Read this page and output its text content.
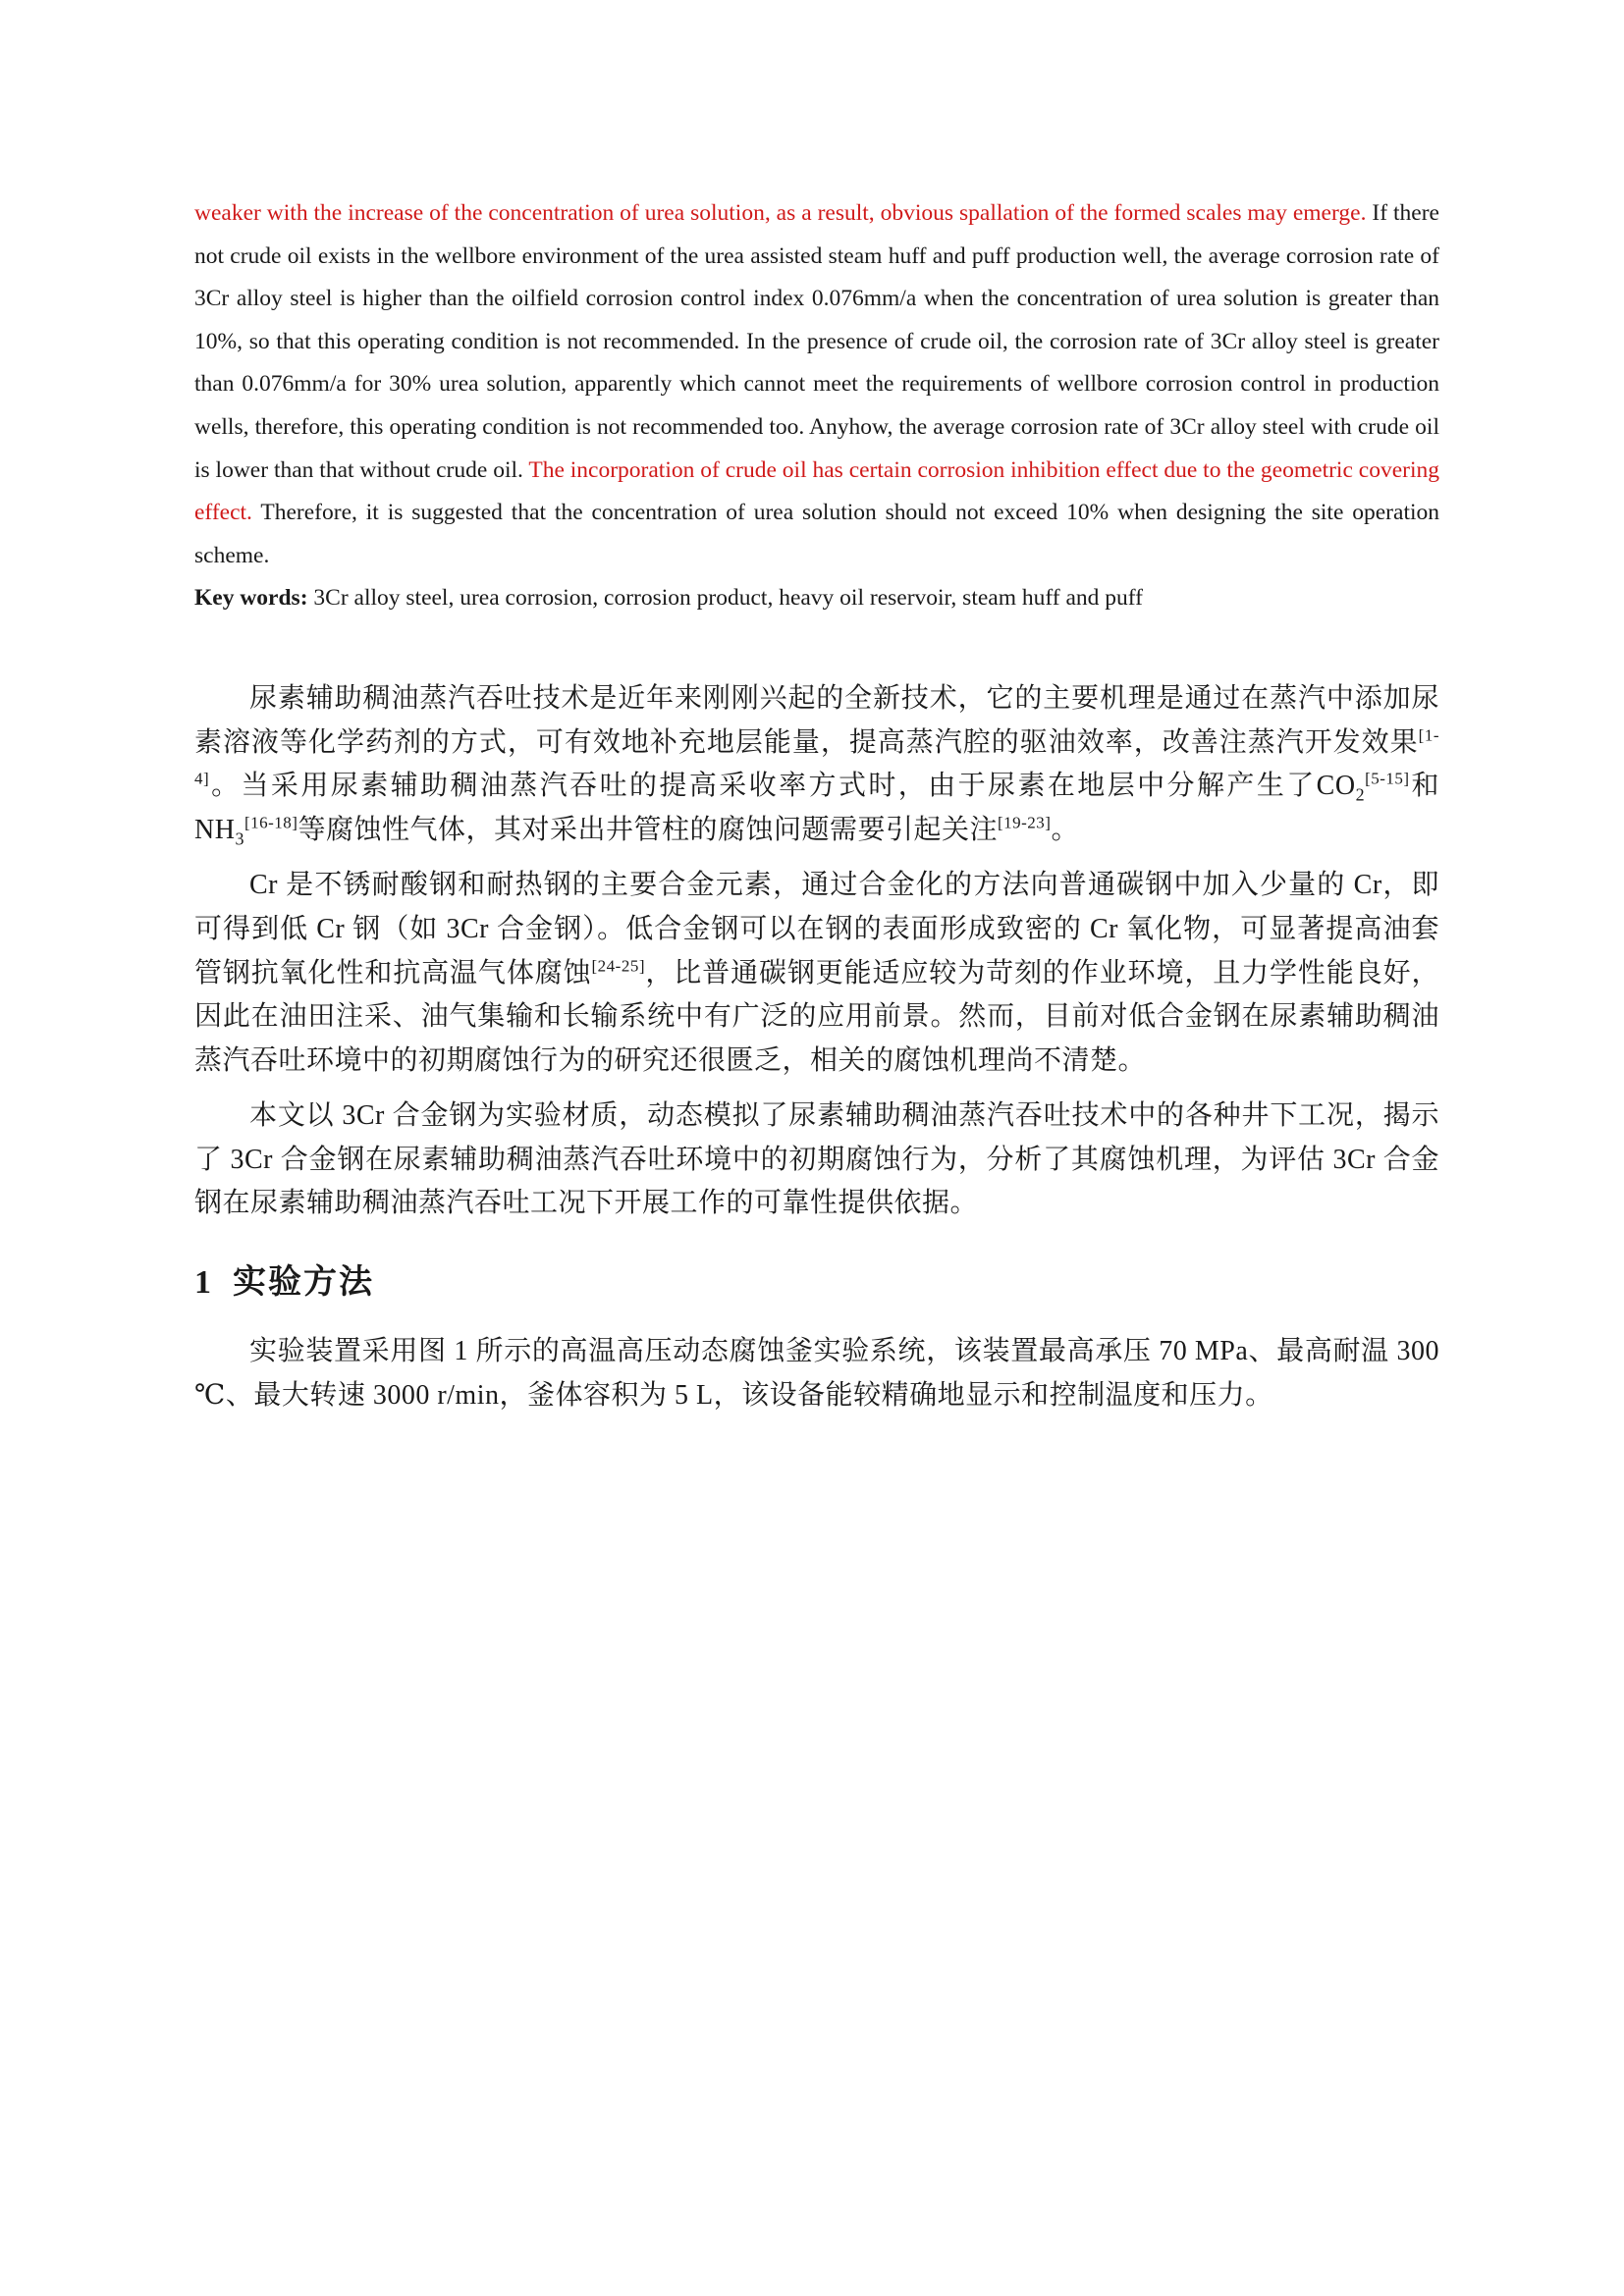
weaker with the increase of the concentration of urea solution, as a result, obvious spallation of the formed scales may emerge. If there not crude oil exists in the wellbore environment of the urea assisted steam huff and puff production well, the average corrosion rate of 3Cr alloy steel is higher than the oilfield corrosion control index 0.076mm/a when the concentration of urea solution is greater than 10%, so that this operating condition is not recommended. In the presence of crude oil, the corrosion rate of 3Cr alloy steel is greater than 0.076mm/a for 30% urea solution, apparently which cannot meet the requirements of wellbore corrosion control in production wells, therefore, this operating condition is not recommended too. Anyhow, the average corrosion rate of 3Cr alloy steel with crude oil is lower than that without crude oil. The incorporation of crude oil has certain corrosion inhibition effect due to the geometric covering effect. Therefore, it is suggested that the concentration of urea solution should not exceed 10% when designing the site operation scheme.

Key words: 3Cr alloy steel, urea corrosion, corrosion product, heavy oil reservoir, steam huff and puff

尿素辅助稠油蒸汽吞吐技术是近年来刚刚兴起的全新技术，它的主要机理是通过在蒸汽中添加尿素溶液等化学药剂的方式，可有效地补充地层能量，提高蒸汽腔的驱油效率，改善注蒸汽开发效果[1-4]。当采用尿素辅助稠油蒸汽吞吐的提高采收率方式时，由于尿素在地层中分解产生了$CO_2[5-15]$和 $NH_3[16-18]$等腐蚀性气体，其对采出井管柱的腐蚀问题需要引起关注[19-23]。

Cr 是不锈耐酸钢和耐热钢的主要合金元素，通过合金化的方法向普通碳钢中加入少量的 Cr，即可得到低 Cr 钢（如 3Cr 合金钢）。低合金钢可以在钢的表面形成致密的 Cr 氧化物，可显著提高油套管钢抗氧化性和抗高温气体腐蚀[24-25]，比普通碳钢更能适应较为苛刻的作业环境，且力学性能良好，因此在油田注采、油气集输和长输系统中有广泛的应用前景。然而，目前对低合金钢在尿素辅助稠油蒸汽吞吐环境中的初期腐蚀行为的研究还很匮乏，相关的腐蚀机理尚不清楚。

本文以 3Cr 合金钢为实验材质，动态模拟了尿素辅助稠油蒸汽吞吐技术中的各种井下工况，揭示了 3Cr 合金钢在尿素辅助稠油蒸汽吞吐环境中的初期腐蚀行为，分析了其腐蚀机理，为评估 3Cr 合金钢在尿素辅助稠油蒸汽吞吐工况下开展工作的可靠性提供依据。

1 实验方法

实验装置采用图 1 所示的高温高压动态腐蚀釜实验系统，该装置最高承压 70 MPa、最高耐温 300 ℃、最大转速 3000 r/min，釜体容积为 5 L，该设备能较精确地显示和控制温度和压力。
